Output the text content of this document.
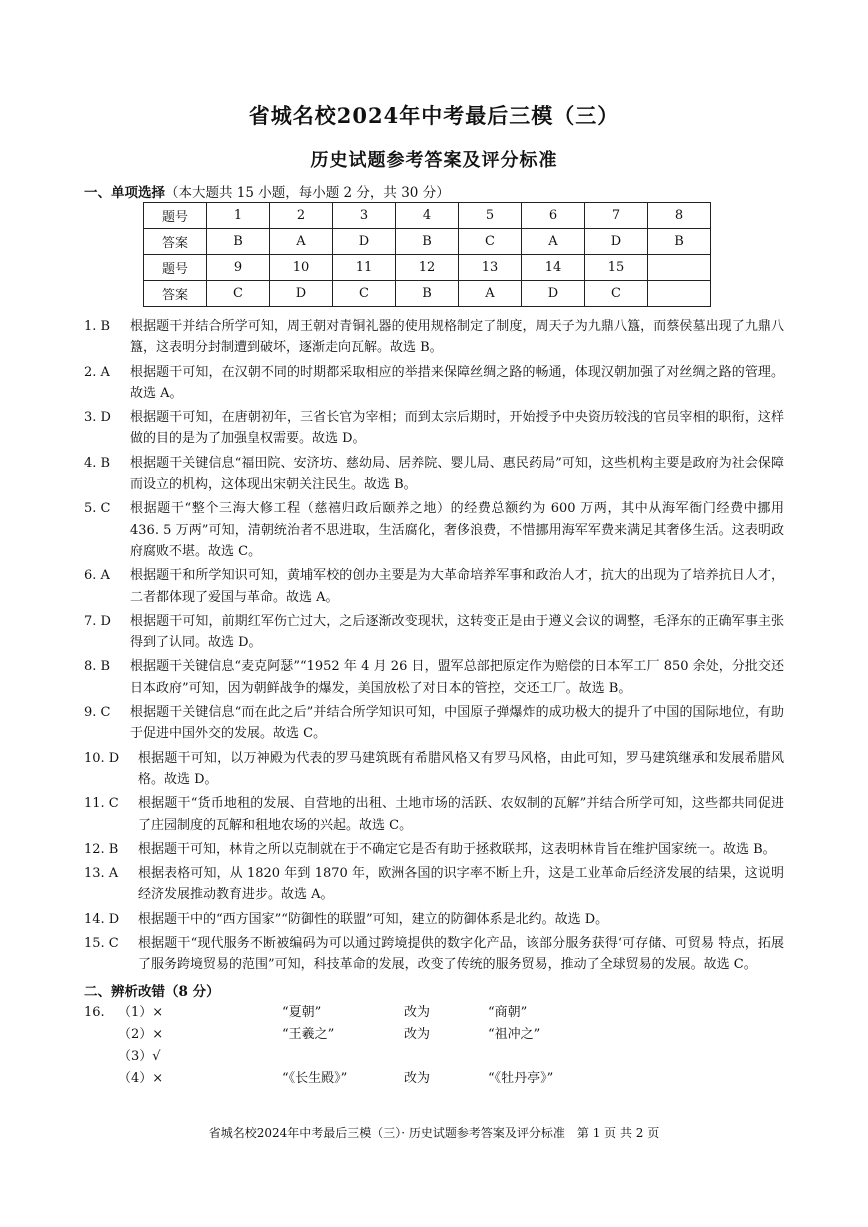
省城名校2024年中考最后三模（三）
历史试题参考答案及评分标准
一、单项选择（本大题共 15 小题，每小题 2 分，共 30 分）
题号	1	2	3	4	5	6	7	8
答案	B	A	D	B	C	A	D	B
题号	9	10	11	12	13	14	15	
答案	C	D	C	B	A	D	C	
1. B	根据题干并结合所学可知，周王朝对青铜礼器的使用规格制定了制度，周天子为九鼎八簋，而蔡侯墓出现了九鼎八簋，这表明分封制遭到破坏，逐渐走向瓦解。故选 B。
2. A	根据题干可知，在汉朝不同的时期都采取相应的举措来保障丝绸之路的畅通，体现汉朝加强了对丝绸之路的管理。故选 A。
3. D	根据题干可知，在唐朝初年，三省长官为宰相；而到太宗后期时，开始授予中央资历较浅的官员宰相的职衔，这样做的目的是为了加强皇权需要。故选 D。
4. B	根据题干关键信息“福田院、安济坊、慈幼局、居养院、婴儿局、惠民药局”可知，这些机构主要是政府为社会保障而设立的机构，这体现出宋朝关注民生。故选 B。
5. C	根据题干“整个三海大修工程（慈禧归政后颐养之地）的经费总额约为 600 万两，其中从海军衙门经费中挪用 436. 5 万两”可知，清朝统治者不思进取，生活腐化，奢侈浪费，不惜挪用海军军费来满足其奢侈生活。这表明政府腐败不堪。故选 C。
6. A	根据题干和所学知识可知，黄埔军校的创办主要是为大革命培养军事和政治人才，抗大的出现为了培养抗日人才，二者都体现了爱国与革命。故选 A。
7. D	根据题干可知，前期红军伤亡过大，之后逐渐改变现状，这转变正是由于遵义会议的调整，毛泽东的正确军事主张得到了认同。故选 D。
8. B	根据题干关键信息“麦克阿瑟”“1952 年 4 月 26 日，盟军总部把原定作为赔偿的日本军工厂 850 余处，分批交还日本政府”可知，因为朝鲜战争的爆发，美国放松了对日本的管控，交还工厂。故选 B。
9. C	根据题干关键信息“而在此之后”并结合所学知识可知，中国原子弹爆炸的成功极大的提升了中国的国际地位，有助于促进中国外交的发展。故选 C。
10. D	根据题干可知，以万神殿为代表的罗马建筑既有希腊风格又有罗马风格，由此可知，罗马建筑继承和发展希腊风格。故选 D。
11. C	根据题干“货币地租的发展、自营地的出租、土地市场的活跃、农奴制的瓦解”并结合所学可知，这些都共同促进了庄园制度的瓦解和租地农场的兴起。故选 C。
12. B	根据题干可知，林肯之所以克制就在于不确定它是否有助于拯救联邦，这表明林肯旨在维护国家统一。故选 B。
13. A	根据表格可知，从 1820 年到 1870 年，欧洲各国的识字率不断上升，这是工业革命后经济发展的结果，这说明经济发展推动教育进步。故选 A。
14. D	根据题干中的“西方国家”“防御性的联盟”可知，建立的防御体系是北约。故选 D。
15. C	根据题干“现代服务不断被编码为可以通过跨境提供的数字化产品，该部分服务获得‘可存储、可贸易 特点，拓展了服务跨境贸易的范围”可知，科技革命的发展，改变了传统的服务贸易，推动了全球贸易的发展。故选 C。
二、辨析改错（8 分）
16. （1）×	“夏朝”	改为	“商朝”
（2）×	“王羲之”	改为	“祖冲之”
（3）√
（4）×	“《长生殿》”	改为	“《牡丹亭》”
省城名校2024年中考最后三模（三）· 历史试题参考答案及评分标准　第 1 页 共 2 页
